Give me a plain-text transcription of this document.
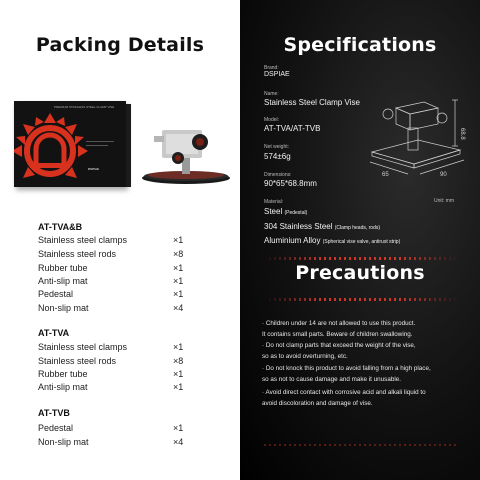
Packing Details
PREMIUM STAINLESS STEEL CLAMP VISE
DSPIAE
AT-TVA&B
Stainless steel clamps	×1
Stainless steel rods	×8
Rubber tube	×1
Anti-slip mat	×1
Pedestal	×1
Non-slip mat	×4
AT-TVA
Stainless steel clamps	×1
Stainless steel rods	×8
Rubber tube	×1
Anti-slip mat	×1
AT-TVB
Pedestal	×1
Non-slip mat	×4
Specifications
Brand:
DSPIAE
Name:
Stainless Steel Clamp Vise
Model:
AT-TVA/AT-TVB
Net weight:
574±6g
Dimensions:
90*65*68.8mm
Material:	Unit: mm
Steel (Pedestal)
304 Stainless Steel (Clamp heads, rods)
Aluminium Alloy (Spherical vise valve, antirust strip)
68.8
65	90
Precautions
· Children under 14 are not allowed to use this product.
It contains small parts. Beware of children swallowing.
· Do not clamp parts that exceed the weight of the vise,
so as to avoid overturning, etc.
· Do not knock this product to avoid falling from a high place,
so as not to cause damage and make it unusable.
· Avoid direct contact with corrosive acid and alkali liquid to
avoid discoloration and damage of vise.
